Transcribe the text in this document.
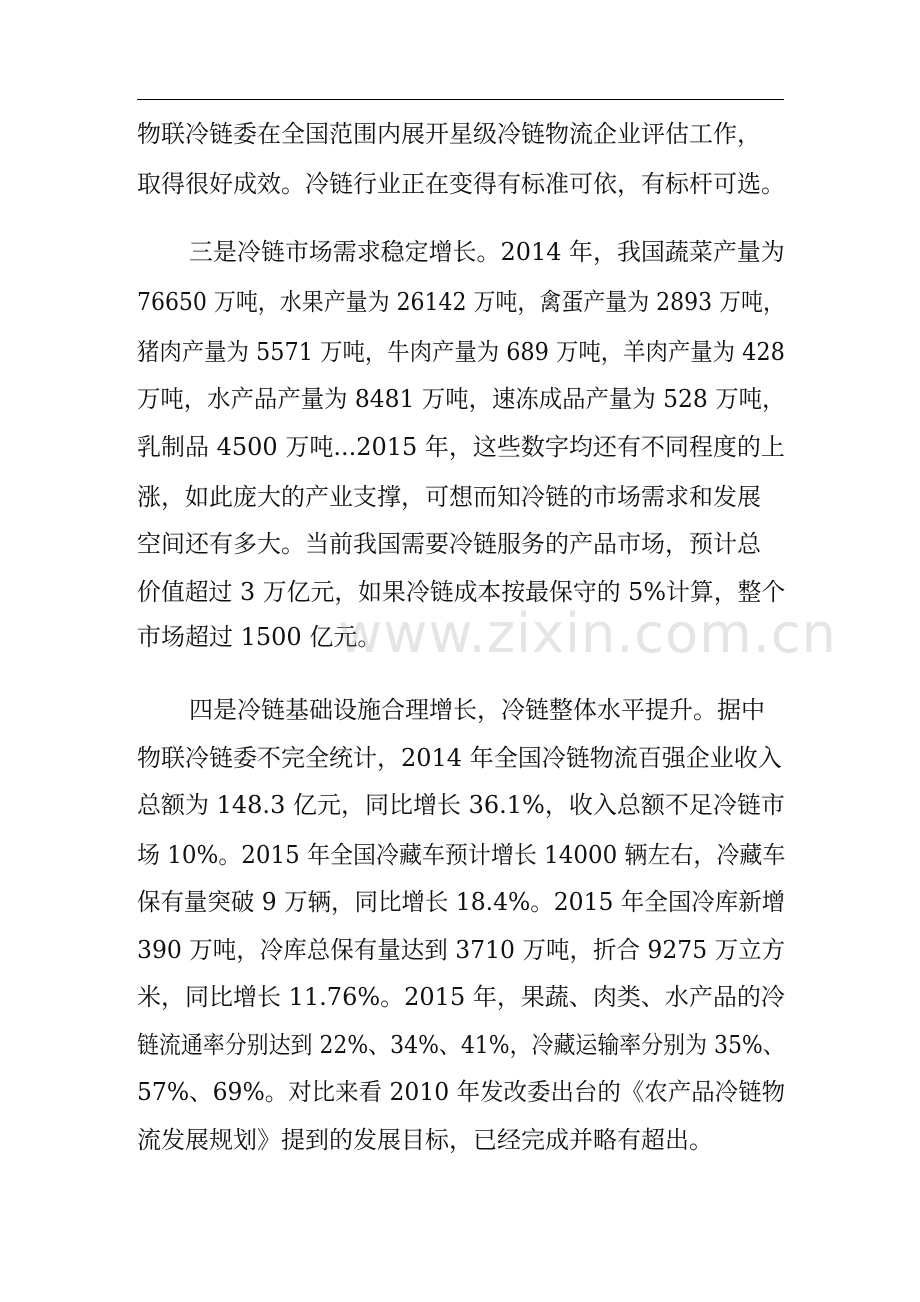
物联冷链委在全国范围内展开星级冷链物流企业评估工作，
取得很好成效。冷链行业正在变得有标准可依，有标杆可选。
三是冷链市场需求稳定增长。2014 年，我国蔬菜产量为
76650 万吨，水果产量为 26142 万吨，禽蛋产量为 2893 万吨，
猪肉产量为 5571 万吨，牛肉产量为 689 万吨，羊肉产量为 428
万吨，水产品产量为 8481 万吨，速冻成品产量为 528 万吨，
乳制品 4500 万吨...2015 年，这些数字均还有不同程度的上
涨，如此庞大的产业支撑，可想而知冷链的市场需求和发展
空间还有多大。当前我国需要冷链服务的产品市场，预计总
价值超过 3 万亿元，如果冷链成本按最保守的 5%计算，整个
市场超过 1500 亿元。
四是冷链基础设施合理增长，冷链整体水平提升。据中
物联冷链委不完全统计，2014 年全国冷链物流百强企业收入
总额为 148.3 亿元，同比增长 36.1%，收入总额不足冷链市
场 10%。2015 年全国冷藏车预计增长 14000 辆左右，冷藏车
保有量突破 9 万辆，同比增长 18.4%。2015 年全国冷库新增
390 万吨，冷库总保有量达到 3710 万吨，折合 9275 万立方
米，同比增长 11.76%。2015 年，果蔬、肉类、水产品的冷
链流通率分别达到 22%、34%、41%，冷藏运输率分别为 35%、
57%、69%。对比来看 2010 年发改委出台的《农产品冷链物
流发展规划》提到的发展目标，已经完成并略有超出。
www.zixin.com.cn
